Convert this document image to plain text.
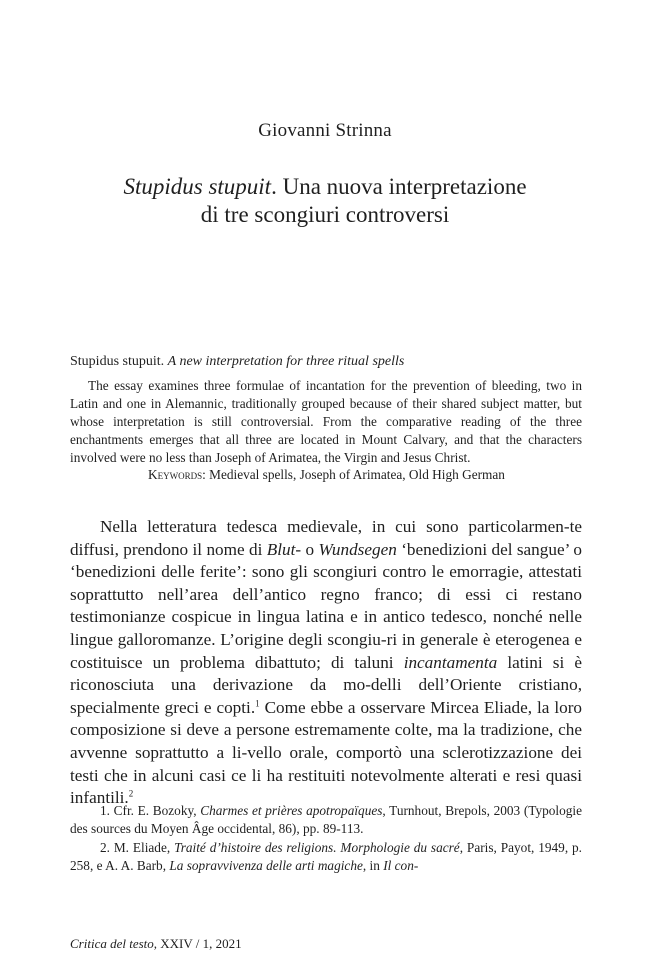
Giovanni Strinna
Stupidus stupuit. Una nuova interpretazione
di tre scongiuri controversi
Stupidus stupuit. A new interpretation for three ritual spells
The essay examines three formulae of incantation for the prevention of bleeding, two in Latin and one in Alemannic, traditionally grouped because of their shared subject matter, but whose interpretation is still controversial. From the comparative reading of the three enchantments emerges that all three are located in Mount Calvary, and that the characters involved were no less than Joseph of Arimatea, the Virgin and Jesus Christ.
Keywords: Medieval spells, Joseph of Arimatea, Old High German
Nella letteratura tedesca medievale, in cui sono particolarmen-te diffusi, prendono il nome di Blut- o Wundsegen ‘benedizioni del sangue’ o ‘benedizioni delle ferite’: sono gli scongiuri contro le emorragie, attestati soprattutto nell’area dell’antico regno franco; di essi ci restano testimonianze cospicue in lingua latina e in antico tedesco, nonché nelle lingue galloromanze. L’origine degli scongiu-ri in generale è eterogenea e costituisce un problema dibattuto; di taluni incantamenta latini si è riconosciuta una derivazione da mo-delli dell’Oriente cristiano, specialmente greci e copti.$^1$ Come ebbe a osservare Mircea Eliade, la loro composizione si deve a persone estremamente colte, ma la tradizione, che avvenne soprattutto a li-vello orale, comportò una sclerotizzazione dei testi che in alcuni casi ce li ha restituiti notevolmente alterati e resi quasi infantili.$^2$

1. Cfr. E. Bozoky, Charmes et prières apotropaïques, Turnhout, Brepols, 2003 (Typologie des sources du Moyen Âge occidental, 86), pp. 89-113.

2. M. Eliade, Traité d’histoire des religions. Morphologie du sacré, Paris, Payot, 1949, p. 258, e A. A. Barb, La sopravvivenza delle arti magiche, in Il con-

Critica del testo, XXIV / 1, 2021
